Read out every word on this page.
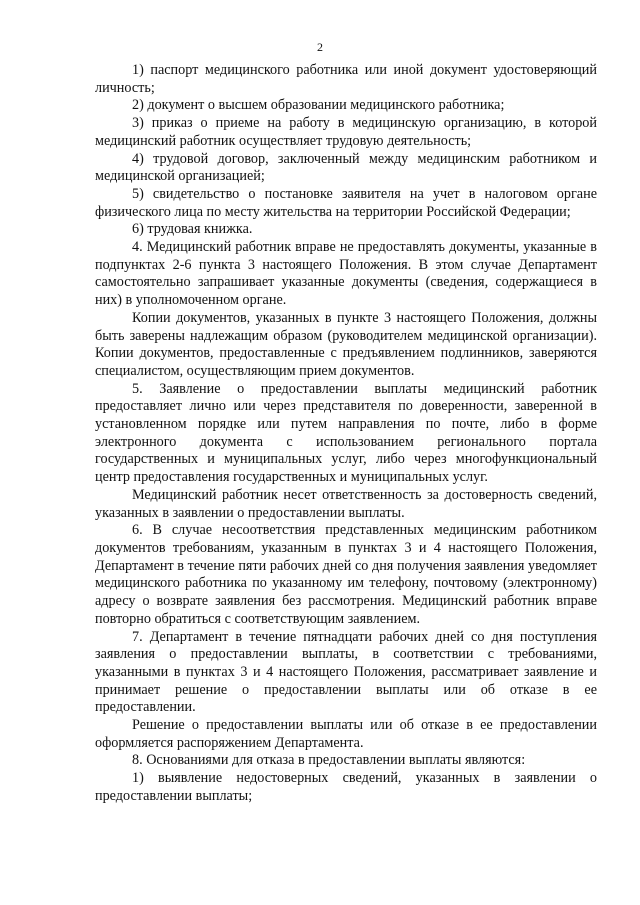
2

1) паспорт медицинского работника или иной документ удостоверяющий личность;

2) документ о высшем образовании медицинского работника;

3) приказ о приеме на работу в медицинскую организацию, в которой медицинский работник осуществляет трудовую деятельность;

4) трудовой договор, заключенный между медицинским работником и медицинской организацией;

5) свидетельство о постановке заявителя на учет в налоговом органе физического лица по месту жительства на территории Российской Федерации;

6) трудовая книжка.

4. Медицинский работник вправе не предоставлять документы, указанные в подпунктах 2-6 пункта 3 настоящего Положения. В этом случае Департамент самостоятельно запрашивает указанные документы (сведения, содержащиеся в них) в уполномоченном органе.

Копии документов, указанных в пункте 3 настоящего Положения, должны быть заверены надлежащим образом (руководителем медицинской организации). Копии документов, предоставленные с предъявлением подлинников, заверяются специалистом, осуществляющим прием документов.

5. Заявление о предоставлении выплаты медицинский работник предоставляет лично или через представителя по доверенности, заверенной в установленном порядке или путем направления по почте, либо в форме электронного документа с использованием регионального портала государственных и муниципальных услуг, либо через многофункциональный центр предоставления государственных и муниципальных услуг.

Медицинский работник несет ответственность за достоверность сведений, указанных в заявлении о предоставлении выплаты.

6. В случае несоответствия представленных медицинским работником документов требованиям, указанным в пунктах 3 и 4 настоящего Положения, Департамент в течение пяти рабочих дней со дня получения заявления уведомляет медицинского работника по указанному им телефону, почтовому (электронному) адресу о возврате заявления без рассмотрения. Медицинский работник вправе повторно обратиться с соответствующим заявлением.

7. Департамент в течение пятнадцати рабочих дней со дня поступления заявления о предоставлении выплаты, в соответствии с требованиями, указанными в пунктах 3 и 4 настоящего Положения, рассматривает заявление и принимает решение о предоставлении выплаты или об отказе в ее предоставлении.

Решение о предоставлении выплаты или об отказе в ее предоставлении оформляется распоряжением Департамента.

8. Основаниями для отказа в предоставлении выплаты являются:

1) выявление недостоверных сведений, указанных в заявлении о предоставлении выплаты;
